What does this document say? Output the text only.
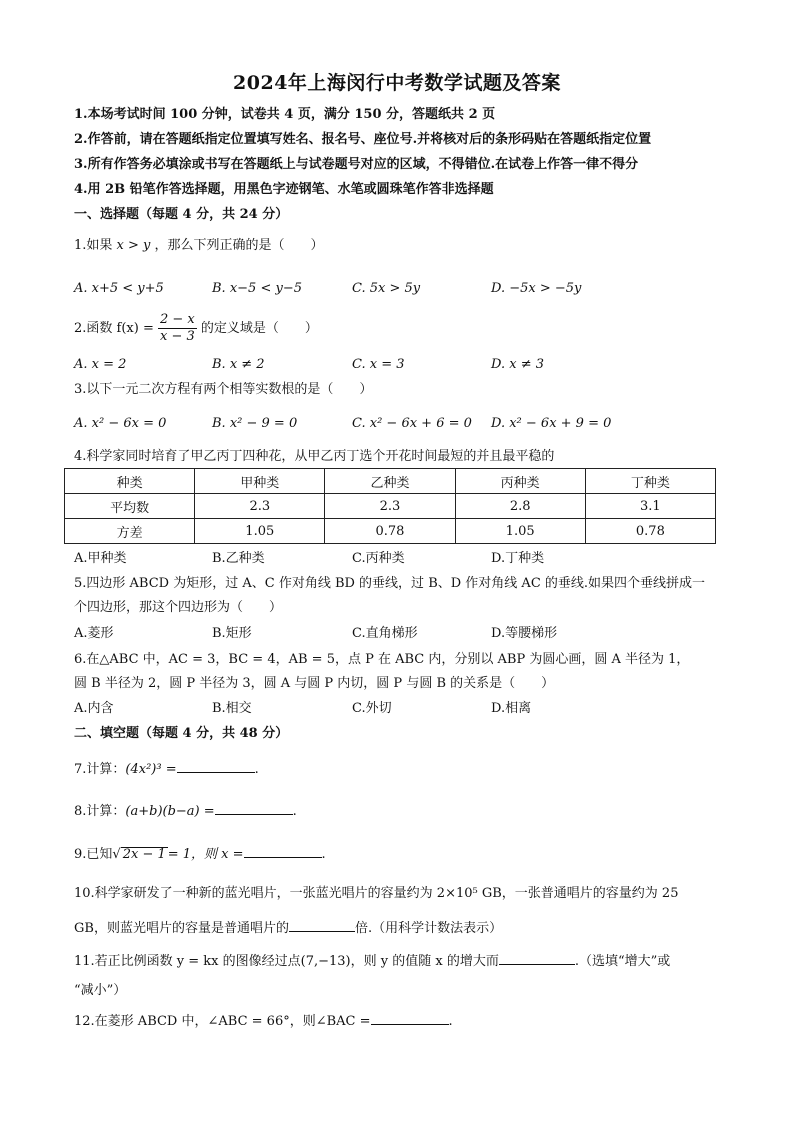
2024年上海闵行中考数学试题及答案
1.本场考试时间 100 分钟，试卷共 4 页，满分 150 分，答题纸共 2 页
2.作答前，请在答题纸指定位置填写姓名、报名号、座位号.并将核对后的条形码贴在答题纸指定位置
3.所有作答务必填涂或书写在答题纸上与试卷题号对应的区域，不得错位.在试卷上作答一律不得分
4.用 2B 铅笔作答选择题，用黑色字迹钢笔、水笔或圆珠笔作答非选择题
一、选择题（每题 4 分，共 24 分）
1.如果 x > y ，那么下列正确的是（　　）
A. x+5 < y+5	B. x−5 < y−5	C. 5x > 5y	D. −5x > −5y
2.函数 $f(x) = \frac{2 - x}{x - 3}$ 的定义域是（　　）
A. x = 2	B. x ≠ 2	C. x = 3	D. x ≠ 3
3.以下一元二次方程有两个相等实数根的是（　　）
A. x² − 6x = 0	B. x² − 9 = 0	C. x² − 6x + 6 = 0 D. x² − 6x + 9 = 0
4.科学家同时培育了甲乙丙丁四种花，从甲乙丙丁选个开花时间最短的并且最平稳的
种类	甲种类	乙种类	丙种类	丁种类
平均数	2.3	2.3	2.8	3.1
方差	1.05	0.78	1.05	0.78
A.甲种类	B.乙种类	C.丙种类	D.丁种类
5.四边形 ABCD 为矩形，过 A、C 作对角线 BD 的垂线，过 B、D 作对角线 AC 的垂线.如果四个垂线拼成一
个四边形，那这个四边形为（　　）
A.菱形	B.矩形	C.直角梯形	D.等腰梯形
6.在△ABC 中，AC = 3，BC = 4，AB = 5，点 P 在 ABC 内，分别以 ABP 为圆心画，圆 A 半径为 1，
圆 B 半径为 2，圆 P 半径为 3，圆 A 与圆 P 内切，圆 P 与圆 B 的关系是（　　）
A.内含	B.相交	C.外切	D.相离
二、填空题（每题 4 分，共 48 分）
7.计算：(4x²)³ =	.
8.计算：(a+b)(b−a) =	.
9.已知√ 2x − 1 = 1，则 x =	.
10.科学家研发了一种新的蓝光唱片，一张蓝光唱片的容量约为 2×10⁵ GB，一张普通唱片的容量约为 25
GB，则蓝光唱片的容量是普通唱片的	倍.（用科学计数法表示）
11.若正比例函数 y = kx 的图像经过点(7,−13)，则 y 的值随 x 的增大而	.（选填“增大”或
“减小”）
12.在菱形 ABCD 中，∠ABC = 66°，则∠BAC =	.
